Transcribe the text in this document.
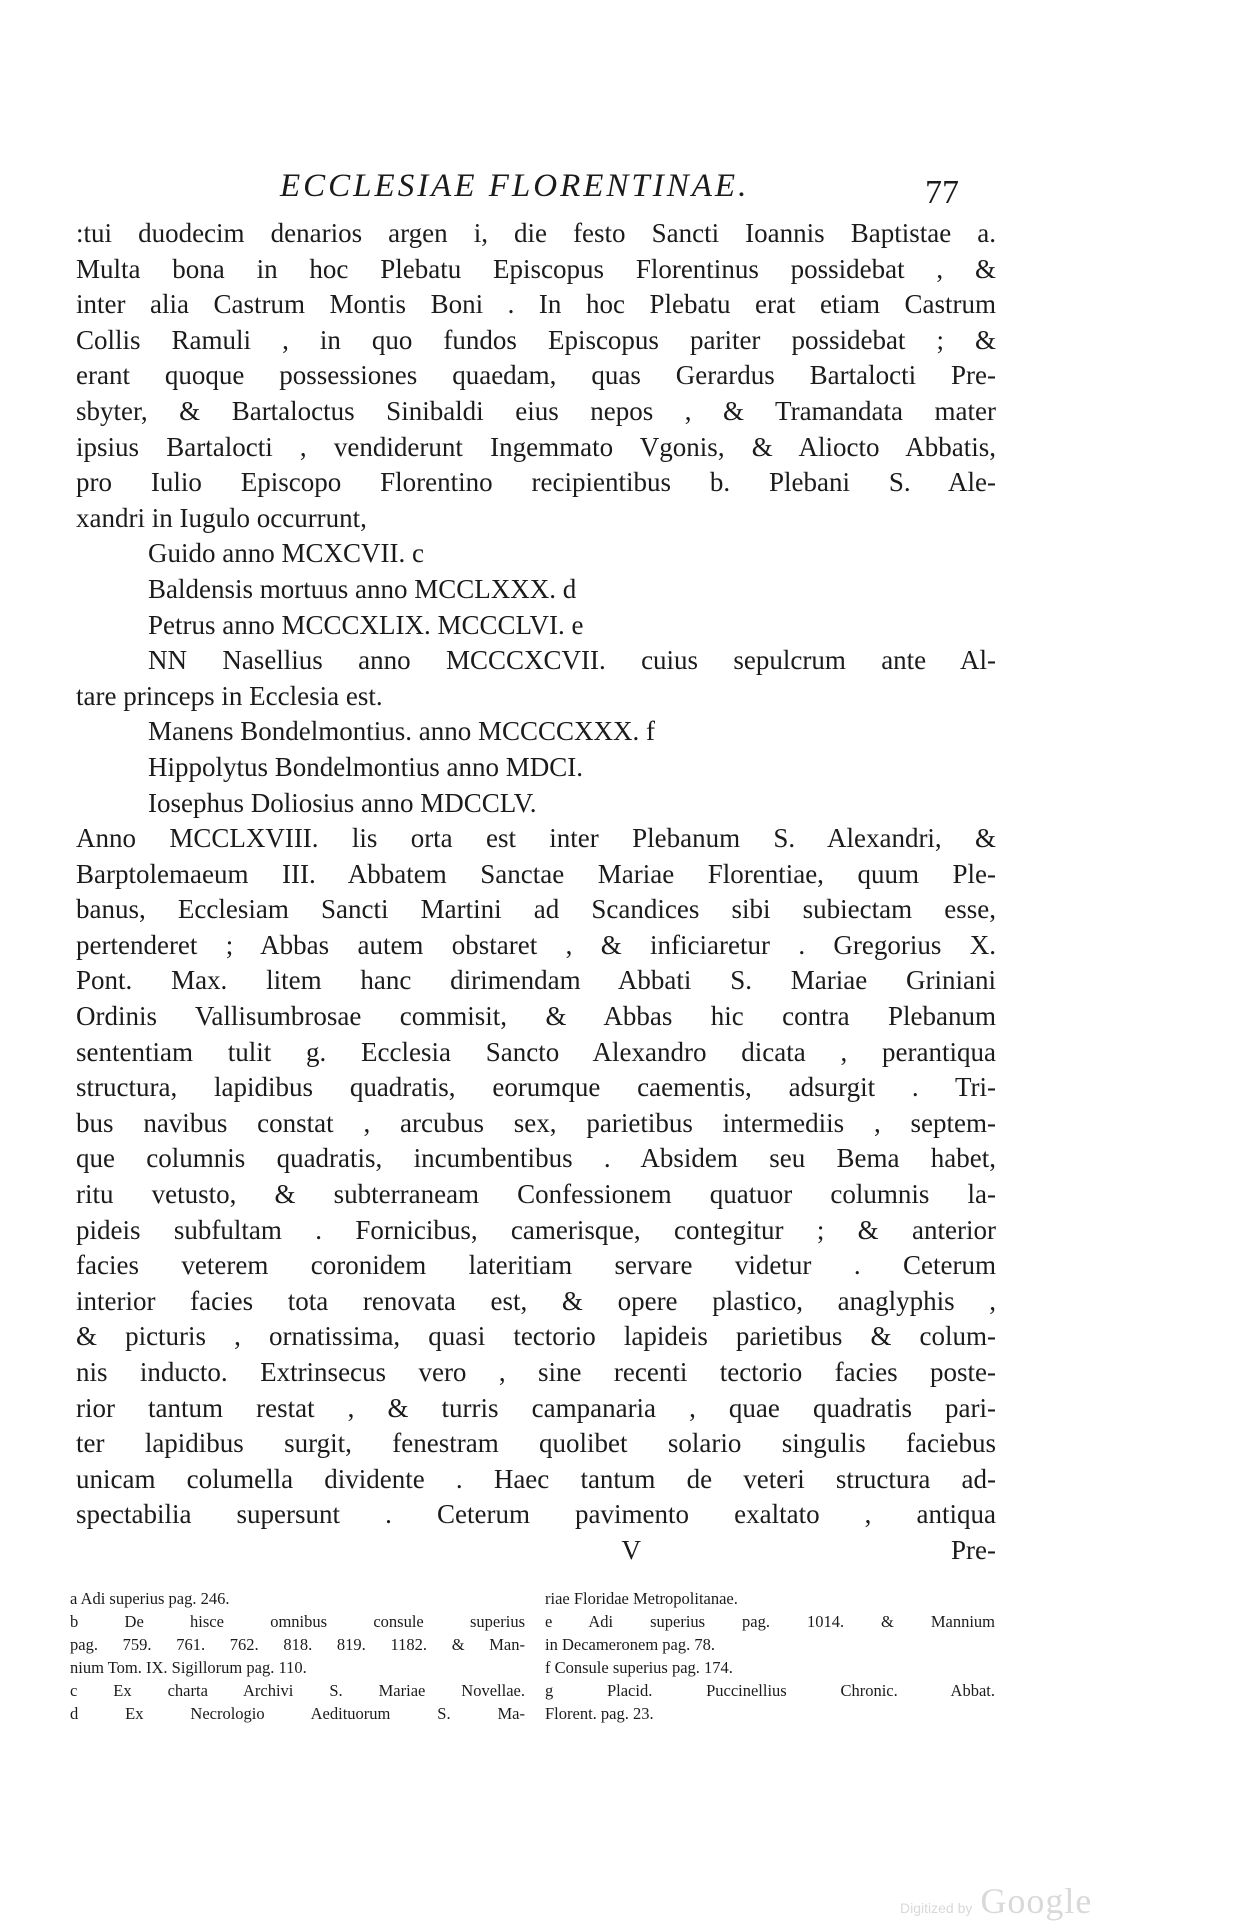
ECCLESIAE FLORENTINAE.	77
:tui duodecim denarios argen i, die festo Sancti Ioannis Baptistae a.
Multa bona in hoc Plebatu Episcopus Florentinus possidebat , &
inter alia Castrum Montis Boni . In hoc Plebatu erat etiam Castrum
Collis Ramuli , in quo fundos Episcopus pariter possidebat ; &
erant quoque possessiones quaedam, quas Gerardus Bartalocti Pre-
sbyter, & Bartaloctus Sinibaldi eius nepos , & Tramandata mater
ipsius Bartalocti , vendiderunt Ingemmato Vgonis, & Aliocto Abbatis,
pro Iulio Episcopo Florentino recipientibus b. Plebani S. Ale-
xandri in Iugulo occurrunt,
Guido anno MCXCVII. c
Baldensis mortuus anno MCCLXXX. d
Petrus anno MCCCXLIX. MCCCLVI. e
NN Nasellius anno MCCCXCVII. cuius sepulcrum ante Al-
tare princeps in Ecclesia est.
Manens Bondelmontius. anno MCCCCXXX. f
Hippolytus Bondelmontius anno MDCI.
Iosephus Doliosius anno MDCCLV.
Anno MCCLXVIII. lis orta est inter Plebanum S. Alexandri, &
Barptolemaeum III. Abbatem Sanctae Mariae Florentiae, quum Ple-
banus, Ecclesiam Sancti Martini ad Scandices sibi subiectam esse,
pertenderet ; Abbas autem obstaret , & inficiaretur . Gregorius X.
Pont. Max. litem hanc dirimendam Abbati S. Mariae Griniani
Ordinis Vallisumbrosae commisit, & Abbas hic contra Plebanum
sententiam tulit g. Ecclesia Sancto Alexandro dicata , perantiqua
structura, lapidibus quadratis, eorumque caementis, adsurgit . Tri-
bus navibus constat , arcubus sex, parietibus intermediis , septem-
que columnis quadratis, incumbentibus . Absidem seu Bema habet,
ritu vetusto, & subterraneam Confessionem quatuor columnis la-
pideis subfultam . Fornicibus, camerisque, contegitur ; & anterior
facies veterem coronidem lateritiam servare videtur . Ceterum
interior facies tota renovata est, & opere plastico, anaglyphis ,
& picturis , ornatissima, quasi tectorio lapideis parietibus & colum-
nis inducto. Extrinsecus vero , sine recenti tectorio facies poste-
rior tantum restat , & turris campanaria , quae quadratis pari-
ter lapidibus surgit, fenestram quolibet solario singulis faciebus
unicam columella dividente . Haec tantum de veteri structura ad-
spectabilia supersunt . Ceterum pavimento exaltato , antiqua
V	Pre-
a Adi superius pag. 246.
b De hisce omnibus consule superius
pag. 759. 761. 762. 818. 819. 1182. & Man-
nium Tom. IX. Sigillorum pag. 110.
c Ex charta Archivi S. Mariae Novellae.
d Ex Necrologio Aedituorum S. Ma-
riae Floridae Metropolitanae.
e Adi superius pag. 1014. & Mannium
in Decameronem pag. 78.
f Consule superius pag. 174.
g Placid. Puccinellius Chronic. Abbat.
Florent. pag. 23.
Digitized by Google
